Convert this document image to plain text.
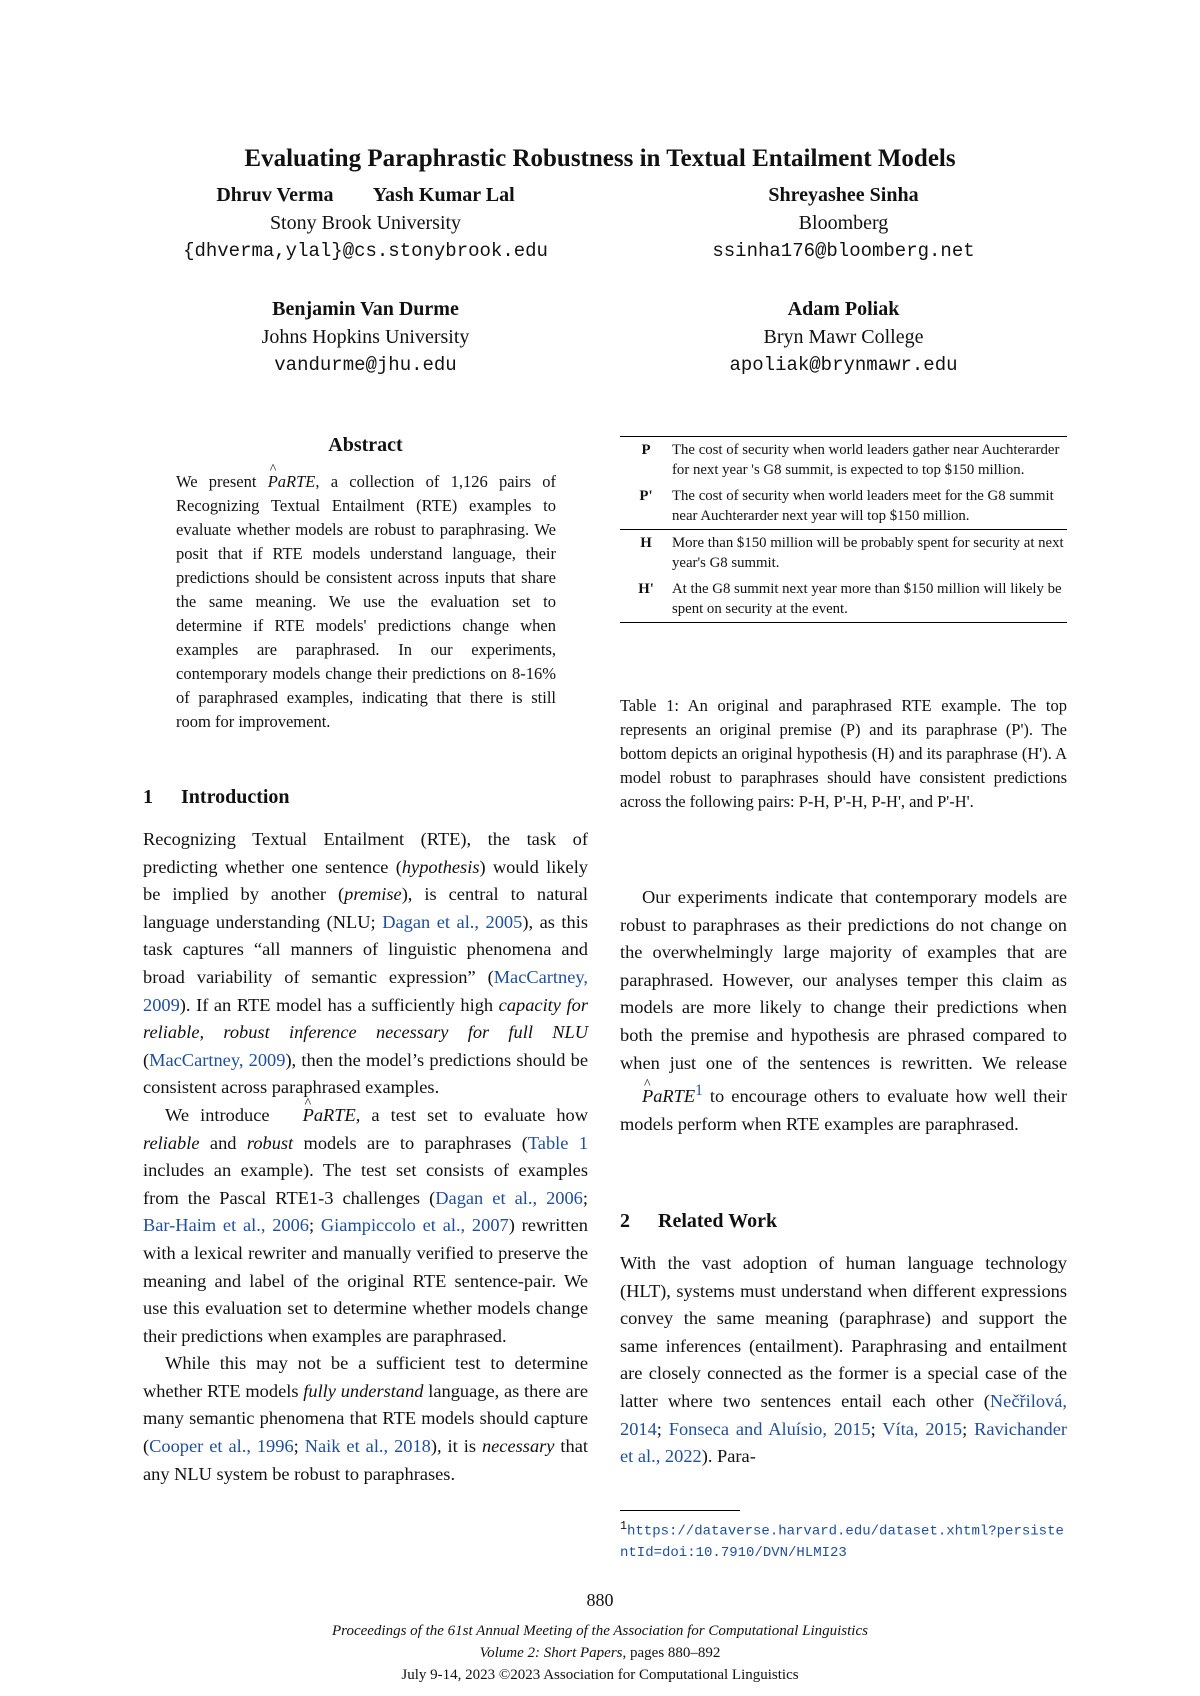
Evaluating Paraphrastic Robustness in Textual Entailment Models
Dhruv Verma        Yash Kumar Lal
Stony Brook University
{dhverma,ylal}@cs.stonybrook.edu
Shreyashee Sinha
Bloomberg
ssinha176@bloomberg.net
Benjamin Van Durme
Johns Hopkins University
vandurme@jhu.edu
Adam Poliak
Bryn Mawr College
apoliak@brynmawr.edu
Abstract
We present ^ PaRTE, a collection of 1,126 pairs of Recognizing Textual Entailment (RTE) examples to evaluate whether models are robust to paraphrasing. We posit that if RTE models understand language, their predictions should be consistent across inputs that share the same meaning. We use the evaluation set to determine if RTE models' predictions change when examples are paraphrased. In our experiments, contemporary models change their predictions on 8-16% of paraphrased examples, indicating that there is still room for improvement.
1 Introduction

Recognizing Textual Entailment (RTE), the task of predicting whether one sentence (hypothesis) would likely be implied by another (premise), is central to natural language understanding (NLU; Dagan et al., 2005), as this task captures “all manners of linguistic phenomena and broad variability of semantic expression” (MacCartney, 2009). If an RTE model has a sufficiently high capacity for reliable, robust inference necessary for full NLU (MacCartney, 2009), then the model’s predictions should be consistent across paraphrased examples.

We introduce ^ PaRTE, a test set to evaluate how reliable and robust models are to paraphrases (Table 1 includes an example). The test set consists of examples from the Pascal RTE1-3 challenges (Dagan et al., 2006; Bar-Haim et al., 2006; Giampiccolo et al., 2007) rewritten with a lexical rewriter and manually verified to preserve the meaning and label of the original RTE sentence-pair. We use this evaluation set to determine whether models change their predictions when examples are paraphrased.

While this may not be a sufficient test to determine whether RTE models fully understand language, as there are many semantic phenomena that RTE models should capture (Cooper et al., 1996; Naik et al., 2018), it is necessary that any NLU system be robust to paraphrases.

P	The cost of security when world leaders gather near Auchterarder for next year 's G8 summit, is expected to top $150 million.
P'	The cost of security when world leaders meet for the G8 summit near Auchterarder next year will top $150 million.
H	More than $150 million will be probably spent for security at next year's G8 summit.
H'	At the G8 summit next year more than $150 million will likely be spent on security at the event.
Table 1: An original and paraphrased RTE example. The top represents an original premise (P) and its paraphrase (P'). The bottom depicts an original hypothesis (H) and its paraphrase (H'). A model robust to paraphrases should have consistent predictions across the following pairs: P-H, P'-H, P-H', and P'-H'.

Our experiments indicate that contemporary models are robust to paraphrases as their predictions do not change on the overwhelmingly large majority of examples that are paraphrased. However, our analyses temper this claim as models are more likely to change their predictions when both the premise and hypothesis are phrased compared to when just one of the sentences is rewritten. We release ^ PaRTE$^1$ to encourage others to evaluate how well their models perform when RTE examples are paraphrased.

2 Related Work

With the vast adoption of human language technology (HLT), systems must understand when different expressions convey the same meaning (paraphrase) and support the same inferences (entailment). Paraphrasing and entailment are closely connected as the former is a special case of the latter where two sentences entail each other (Nečřilová, 2014; Fonseca and Aluísio, 2015; Víta, 2015; Ravichander et al., 2022). Para-

$^1$https://dataverse.harvard.edu/dataset.xhtml?persistentId=doi:10.7910/DVN/HLMI23
880
Proceedings of the 61st Annual Meeting of the Association for Computational Linguistics
Volume 2: Short Papers, pages 880–892
July 9-14, 2023 ©2023 Association for Computational Linguistics
